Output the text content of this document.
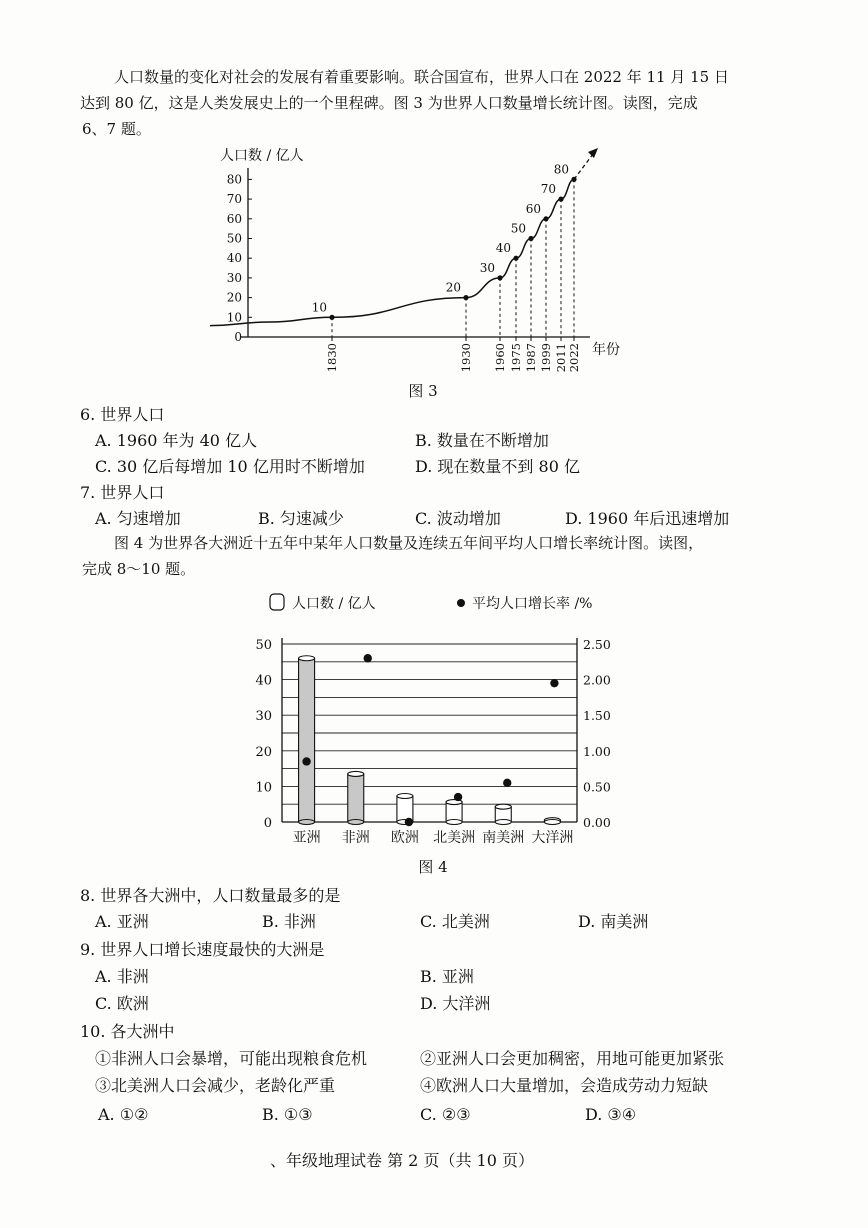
人口数量的变化对社会的发展有着重要影响。联合国宣布，世界人口在 2022 年 11 月 15 日
达到 80 亿，这是人类发展史上的一个里程碑。图 3 为世界人口数量增长统计图。读图，完成
6、7 题。
人口数 / 亿人
年份
80
70
60
50
40
30
20
10
0
10
1830
20
1930
30
1960
40
1975
50
1987
60
1999
70
2011
80
2022
图 3
6. 世界人口
A. 1960 年为 40 亿人	B. 数量在不断增加
C. 30 亿后每增加 10 亿用时不断增加	D. 现在数量不到 80 亿
7. 世界人口
A. 匀速增加	B. 匀速减少	C. 波动增加	D. 1960 年后迅速增加
图 4 为世界各大洲近十五年中某年人口数量及连续五年间平均人口增长率统计图。读图，
完成 8～10 题。
人口数 / 亿人	平均人口增长率 /%
50
40
30
20
10
0
2.50
2.00
1.50
1.00
0.50
0.00
亚洲 非洲 欧洲 北美洲 南美洲 大洋洲
图 4
8. 世界各大洲中，人口数量最多的是
A. 亚洲	B. 非洲	C. 北美洲	D. 南美洲
9. 世界人口增长速度最快的大洲是
A. 非洲	B. 亚洲
C. 欧洲	D. 大洋洲
10. 各大洲中
①非洲人口会暴增，可能出现粮食危机	②亚洲人口会更加稠密，用地可能更加紧张
③北美洲人口会减少，老龄化严重	④欧洲人口大量增加，会造成劳动力短缺
A. ①②	B. ①③	C. ②③	D. ③④
、年级地理试卷 第 2 页（共 10 页）
